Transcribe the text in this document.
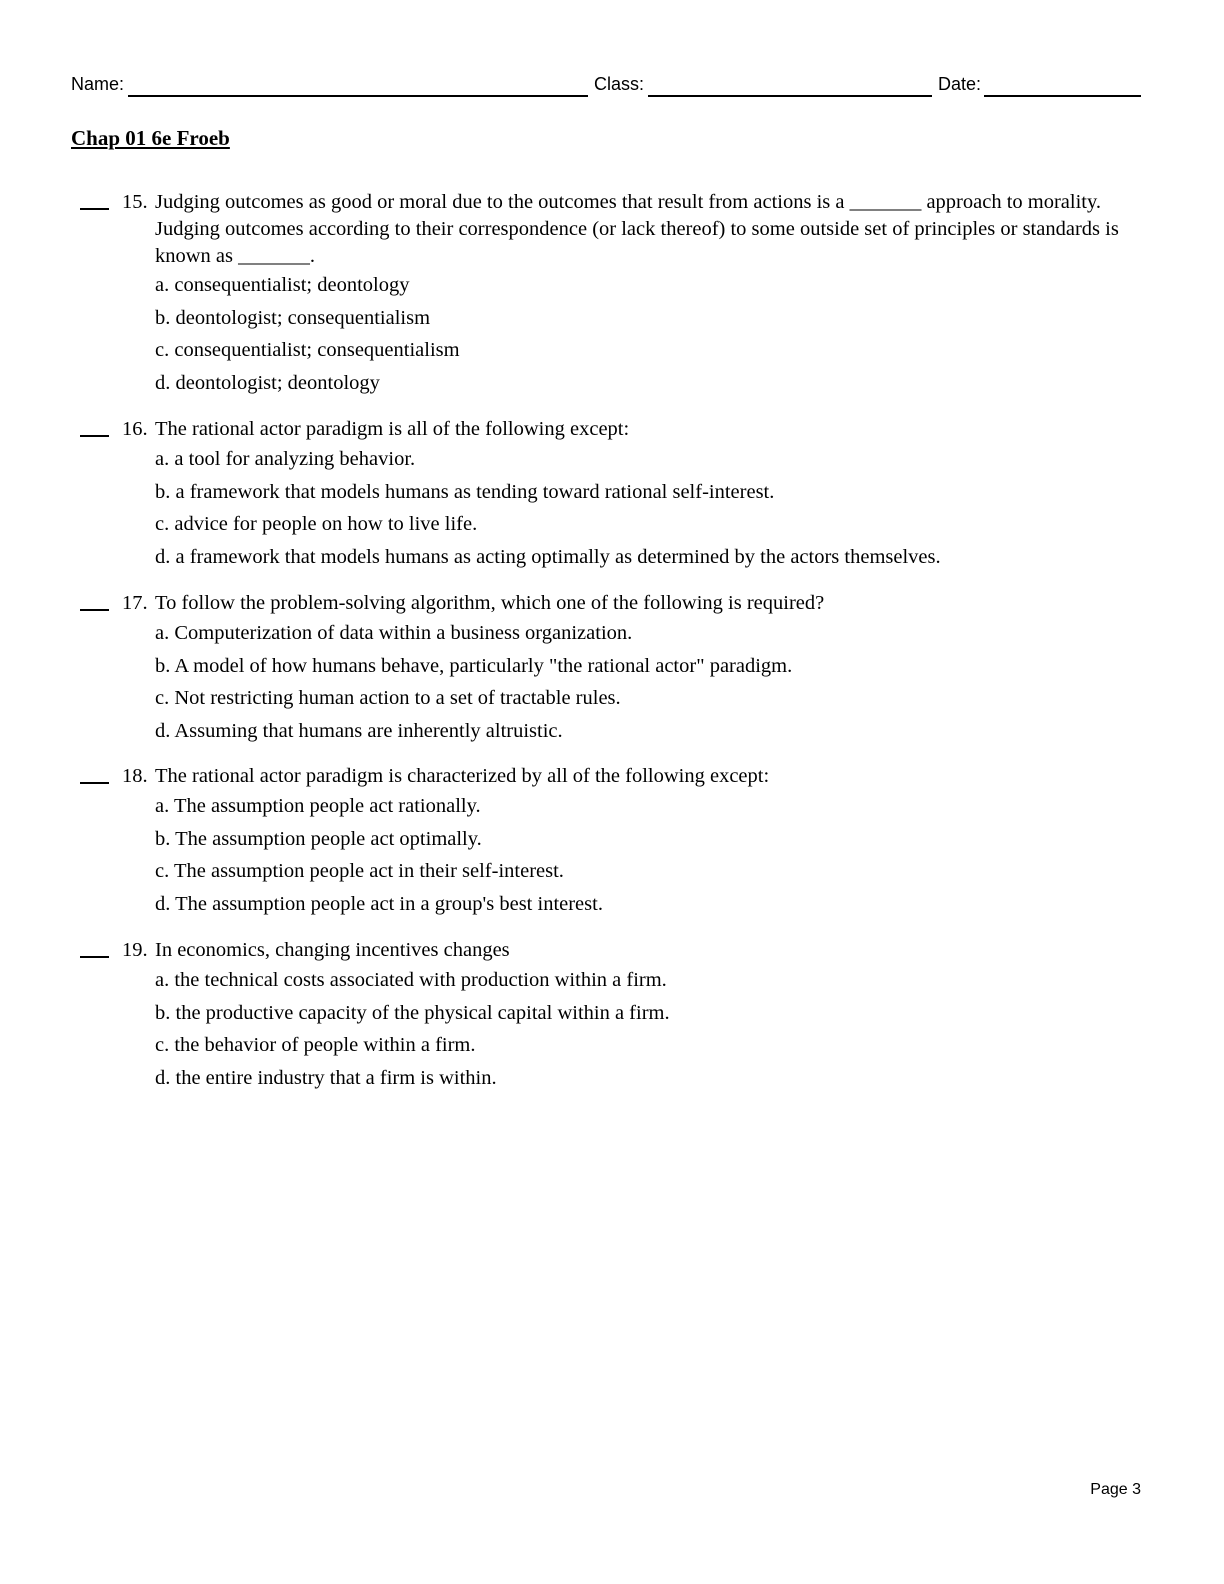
Name:	Class:	Date:
Chap 01 6e Froeb
15. Judging outcomes as good or moral due to the outcomes that result from actions is a _______ approach to morality. Judging outcomes according to their correspondence (or lack thereof) to some outside set of principles or standards is known as _______.
a. consequentialist; deontology
b. deontologist; consequentialism
c. consequentialist; consequentialism
d. deontologist; deontology
16. The rational actor paradigm is all of the following except:
a. a tool for analyzing behavior.
b. a framework that models humans as tending toward rational self-interest.
c. advice for people on how to live life.
d. a framework that models humans as acting optimally as determined by the actors themselves.
17. To follow the problem-solving algorithm, which one of the following is required?
a. Computerization of data within a business organization.
b. A model of how humans behave, particularly "the rational actor" paradigm.
c. Not restricting human action to a set of tractable rules.
d. Assuming that humans are inherently altruistic.
18. The rational actor paradigm is characterized by all of the following except:
a. The assumption people act rationally.
b. The assumption people act optimally.
c. The assumption people act in their self-interest.
d. The assumption people act in a group's best interest.
19. In economics, changing incentives changes
a. the technical costs associated with production within a firm.
b. the productive capacity of the physical capital within a firm.
c. the behavior of people within a firm.
d. the entire industry that a firm is within.
Page 3
